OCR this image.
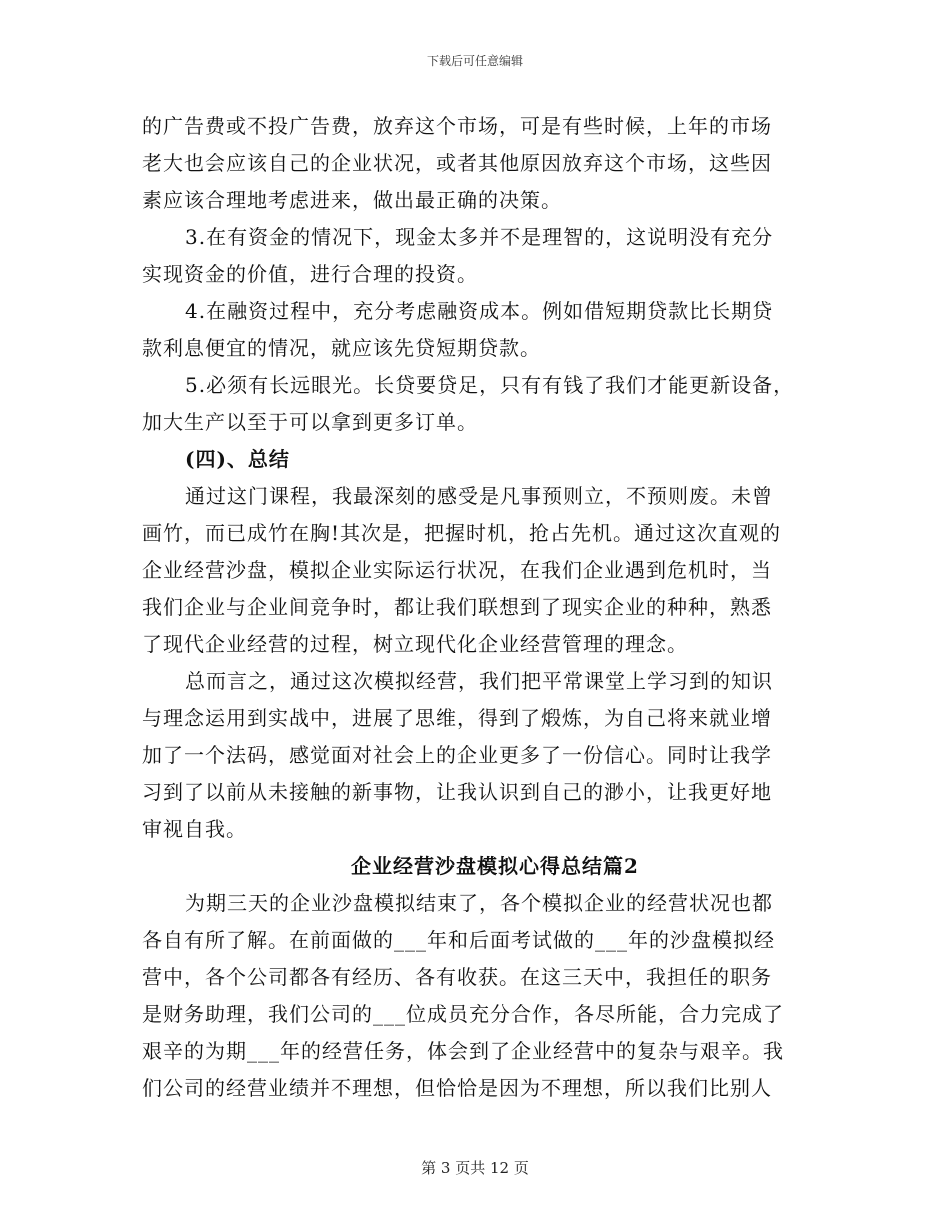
下载后可任意编辑
的广告费或不投广告费，放弃这个市场，可是有些时候，上年的市场
老大也会应该自己的企业状况，或者其他原因放弃这个市场，这些因
素应该合理地考虑进来，做出最正确的决策。
3.在有资金的情况下，现金太多并不是理智的，这说明没有充分
实现资金的价值，进行合理的投资。
4.在融资过程中，充分考虑融资成本。例如借短期贷款比长期贷
款利息便宜的情况，就应该先贷短期贷款。
5.必须有长远眼光。长贷要贷足，只有有钱了我们才能更新设备，
加大生产以至于可以拿到更多订单。
(四)、总结
通过这门课程，我最深刻的感受是凡事预则立，不预则废。未曾
画竹，而已成竹在胸!其次是，把握时机，抢占先机。通过这次直观的
企业经营沙盘，模拟企业实际运行状况，在我们企业遇到危机时，当
我们企业与企业间竞争时，都让我们联想到了现实企业的种种，熟悉
了现代企业经营的过程，树立现代化企业经营管理的理念。
总而言之，通过这次模拟经营，我们把平常课堂上学习到的知识
与理念运用到实战中，进展了思维，得到了煅炼，为自己将来就业增
加了一个法码，感觉面对社会上的企业更多了一份信心。同时让我学
习到了以前从未接触的新事物，让我认识到自己的渺小，让我更好地
审视自我。
企业经营沙盘模拟心得总结篇2
为期三天的企业沙盘模拟结束了，各个模拟企业的经营状况也都
各自有所了解。在前面做的___年和后面考试做的___年的沙盘模拟经
营中，各个公司都各有经历、各有收获。在这三天中，我担任的职务
是财务助理，我们公司的___位成员充分合作，各尽所能，合力完成了
艰辛的为期___年的经营任务，体会到了企业经营中的复杂与艰辛。我
们公司的经营业绩并不理想，但恰恰是因为不理想，所以我们比别人
第 3 页共 12 页
